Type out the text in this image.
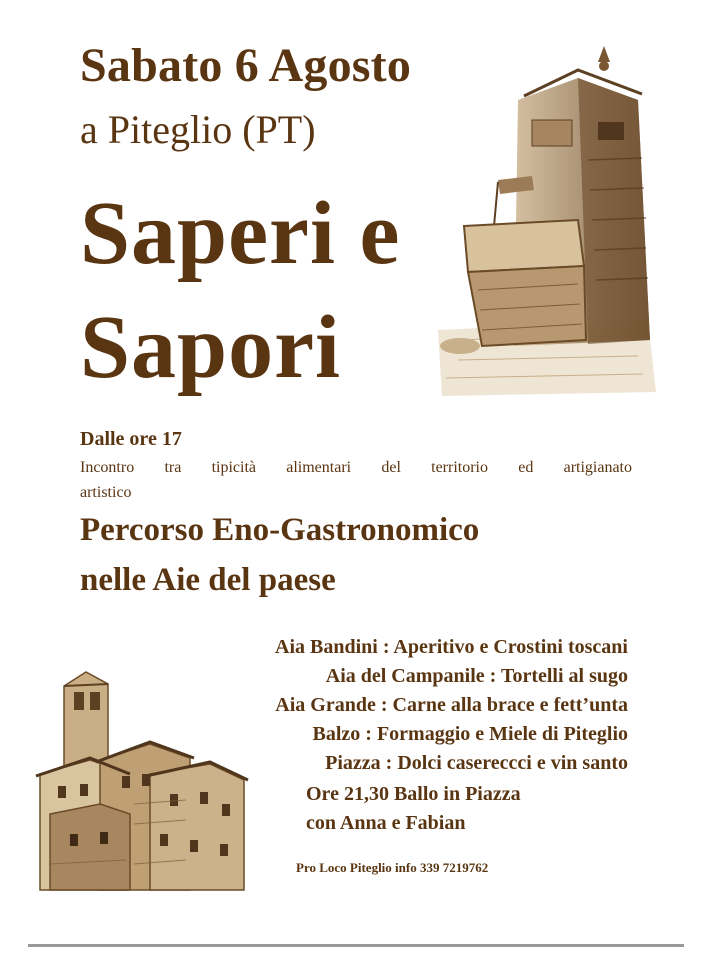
Sabato 6 Agosto
a Piteglio (PT)
Saperi e
Sapori
Dalle ore 17
Incontro tra tipicità alimentari del territorio ed artigianato
artistico
Percorso Eno-Gastronomico
nelle Aie del paese

Aia Bandini : Aperitivo e Crostini toscani

Aia del Campanile : Tortelli al sugo

Aia Grande : Carne alla brace e fett’unta

Balzo : Formaggio e Miele di Piteglio

Piazza : Dolci casereccci e vin santo

Ore 21,30 Ballo in Piazza

con Anna e Fabian

Pro Loco Piteglio info 339 7219762
